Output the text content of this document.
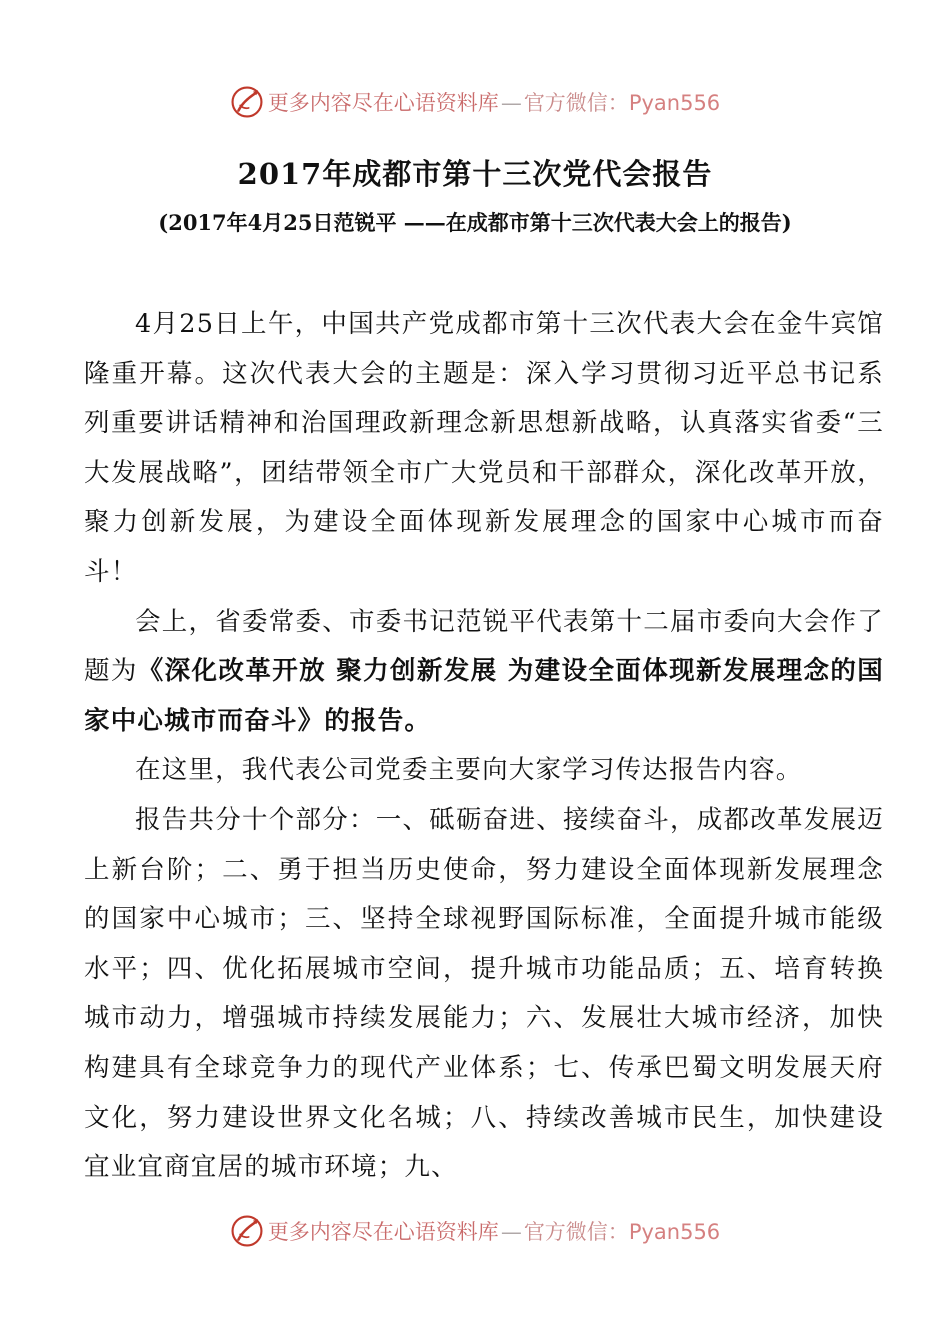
更多内容尽在心语资料库—官方微信：Pyan556
2017年成都市第十三次党代会报告
(2017年4月25日范锐平 ——在成都市第十三次代表大会上的报告)

4月25日上午，中国共产党成都市第十三次代表大会在金牛宾馆隆重开幕。这次代表大会的主题是：深入学习贯彻习近平总书记系列重要讲话精神和治国理政新理念新思想新战略，认真落实省委“三大发展战略”，团结带领全市广大党员和干部群众，深化改革开放，聚力创新发展，为建设全面体现新发展理念的国家中心城市而奋斗！

会上，省委常委、市委书记范锐平代表第十二届市委向大会作了题为《深化改革开放 聚力创新发展 为建设全面体现新发展理念的国家中心城市而奋斗》的报告。

在这里，我代表公司党委主要向大家学习传达报告内容。

报告共分十个部分：一、砥砺奋进、接续奋斗，成都改革发展迈上新台阶；二、勇于担当历史使命，努力建设全面体现新发展理念的国家中心城市；三、坚持全球视野国际标准，全面提升城市能级水平；四、优化拓展城市空间，提升城市功能品质；五、培育转换城市动力，增强城市持续发展能力；六、发展壮大城市经济，加快构建具有全球竞争力的现代产业体系；七、传承巴蜀文明发展天府文化，努力建设世界文化名城；八、持续改善城市民生，加快建设宜业宜商宜居的城市环境；九、

更多内容尽在心语资料库—官方微信：Pyan556
